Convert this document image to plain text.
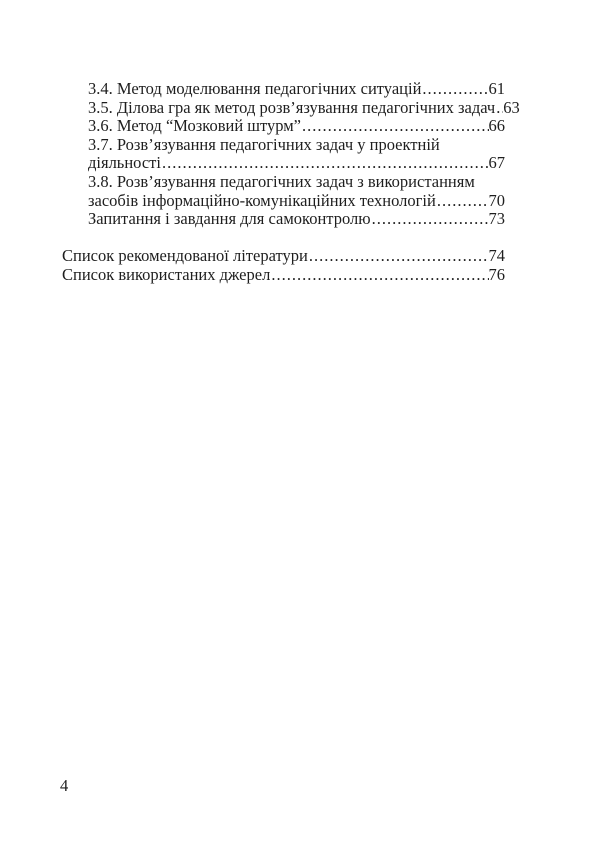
3.4. Метод моделювання педагогічних ситуацій .....	61
3.5. Ділова гра як метод розв’язування педагогічних задач ..... 63
3.6. Метод “Мозковий штурм” .....	66
3.7. Розв’язування педагогічних задач у проектній
діяльності .....	67
3.8. Розв’язування педагогічних задач з використанням
засобів інформаційно-комунікаційних технологій .....	70
Запитання і завдання для самоконтролю .....	73
Список рекомендованої літератури .....	74
Список використаних джерел .....	76
4
